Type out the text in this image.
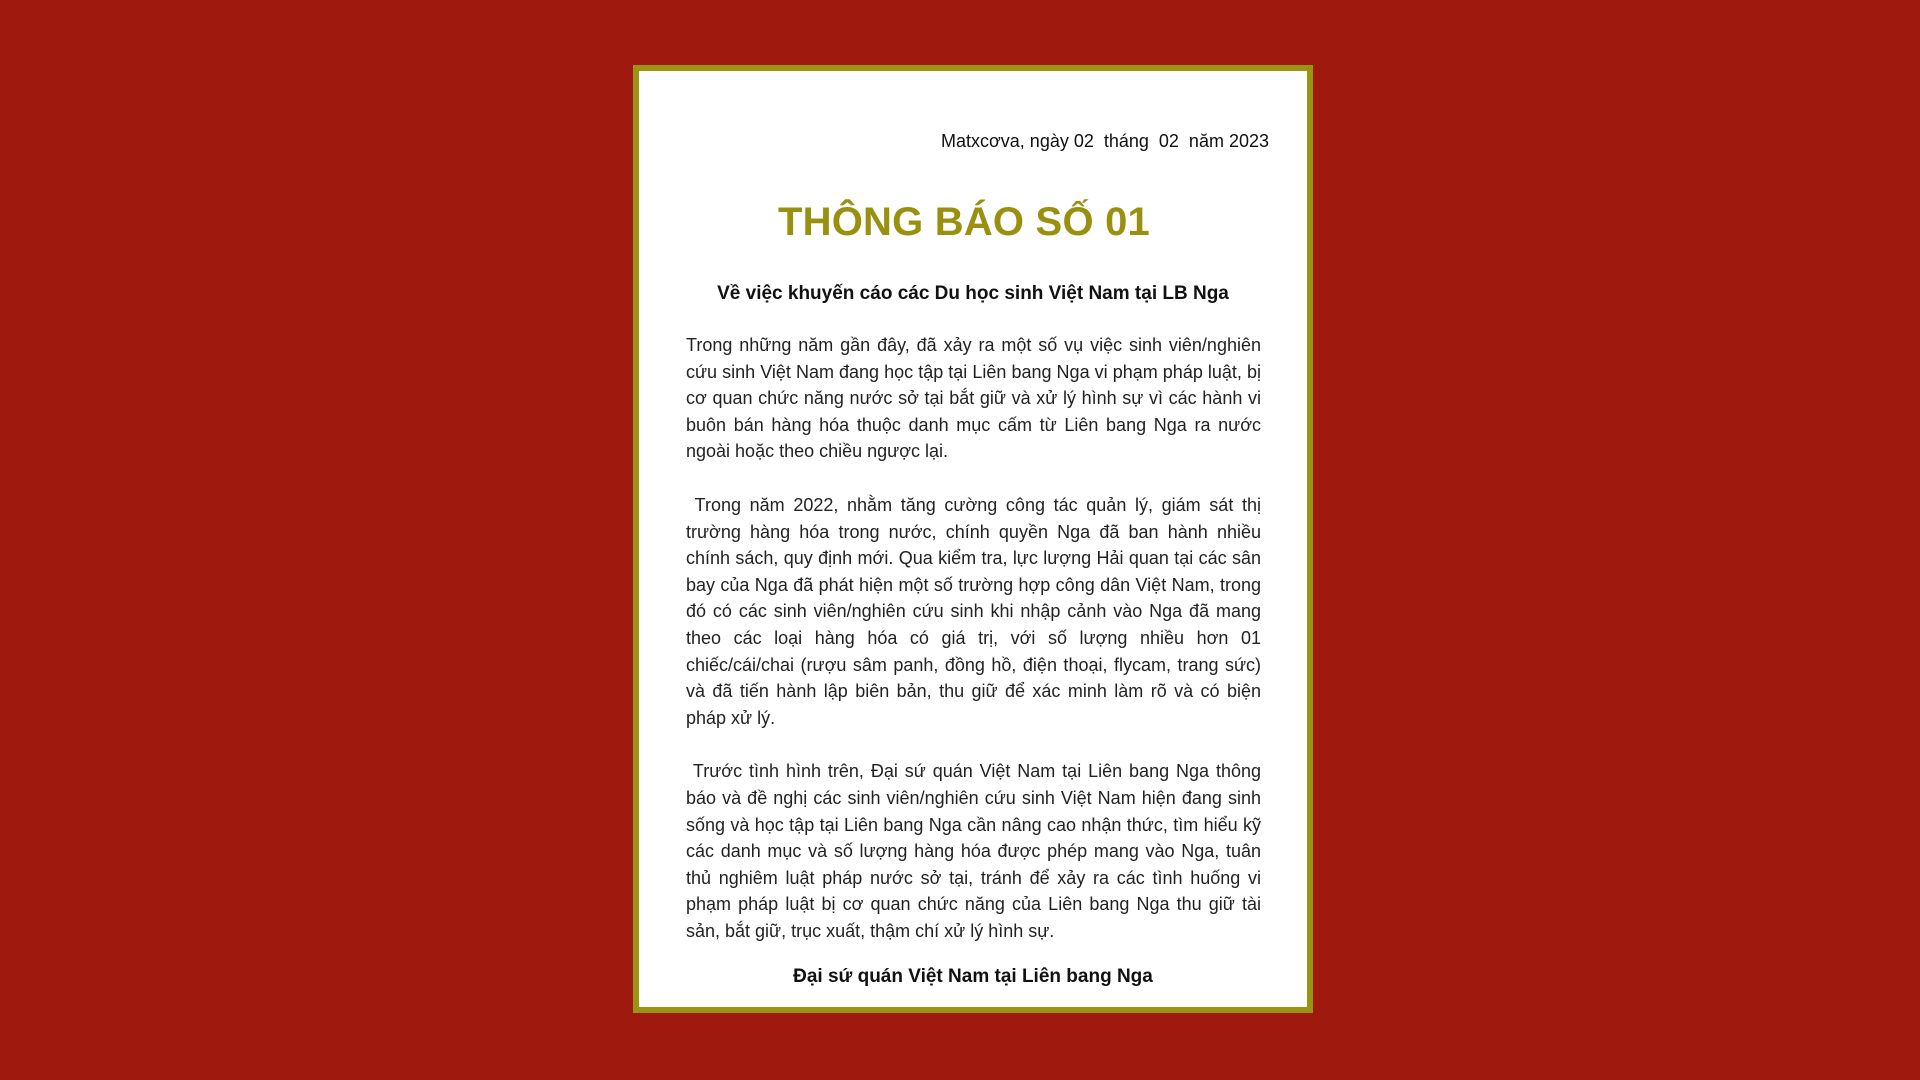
Matxcơva, ngày 02  tháng  02  năm 2023
THÔNG BÁO SỐ 01
Về việc khuyến cáo các Du học sinh Việt Nam tại LB Nga

Trong những năm gần đây, đã xảy ra một số vụ việc sinh viên/nghiên cứu sinh Việt Nam đang học tập tại Liên bang Nga vi phạm pháp luật, bị cơ quan chức năng nước sở tại bắt giữ và xử lý hình sự vì các hành vi buôn bán hàng hóa thuộc danh mục cấm từ Liên bang Nga ra nước ngoài hoặc theo chiều ngược lại.

Trong năm 2022, nhằm tăng cường công tác quản lý, giám sát thị trường hàng hóa trong nước, chính quyền Nga đã ban hành nhiều chính sách, quy định mới. Qua kiểm tra, lực lượng Hải quan tại các sân bay của Nga đã phát hiện một số trường hợp công dân Việt Nam, trong đó có các sinh viên/nghiên cứu sinh khi nhập cảnh vào Nga đã mang theo các loại hàng hóa có giá trị, với số lượng nhiều hơn 01 chiếc/cái/chai (rượu sâm panh, đồng hồ, điện thoại, flycam, trang sức) và đã tiến hành lập biên bản, thu giữ để xác minh làm rõ và có biện pháp xử lý.

Trước tình hình trên, Đại sứ quán Việt Nam tại Liên bang Nga thông báo và đề nghị các sinh viên/nghiên cứu sinh Việt Nam hiện đang sinh sống và học tập tại Liên bang Nga cần nâng cao nhận thức, tìm hiểu kỹ các danh mục và số lượng hàng hóa được phép mang vào Nga, tuân thủ nghiêm luật pháp nước sở tại, tránh để xảy ra các tình huống vi phạm pháp luật bị cơ quan chức năng của Liên bang Nga thu giữ tài sản, bắt giữ, trục xuất, thậm chí xử lý hình sự.

Đại sứ quán Việt Nam tại Liên bang Nga
